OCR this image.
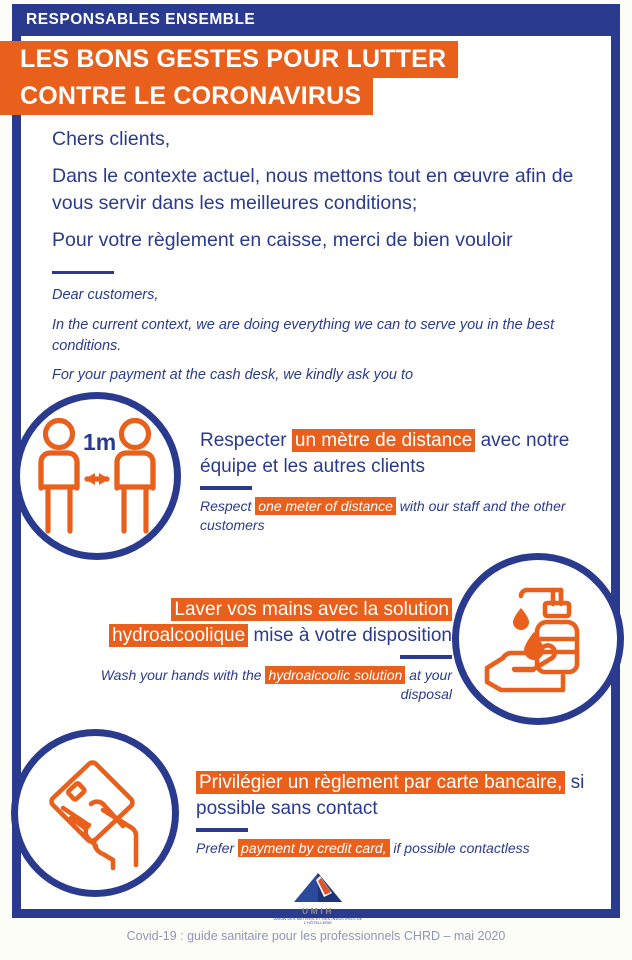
RESPONSABLES ENSEMBLE
LES BONS GESTES POUR LUTTER
CONTRE LE CORONAVIRUS

Chers clients,

Dans le contexte actuel, nous mettons tout en œuvre afin de vous servir dans les meilleures conditions;

Pour votre règlement en caisse, merci de bien vouloir

Dear customers,

In the current context, we are doing everything we can to serve you in the best conditions.

For your payment at the cash desk, we kindly ask you to

1m	Respecter un mètre de distance avec notre équipe et les autres clients
Respect one meter of distance with our staff and the other customers
Laver vos mains avec la solution hydroalcoolique mise à votre disposition
Wash your hands with the hydroalcoolic solution at your disposal
Privilégier un règlement par carte bancaire, si possible sans contact
Prefer payment by credit card, if possible contactless
UMIH
UNION DES MÉTIERS ET DES INDUSTRIES DE L'HÔTELLERIE
Covid-19 : guide sanitaire pour les professionnels CHRD – mai 2020
